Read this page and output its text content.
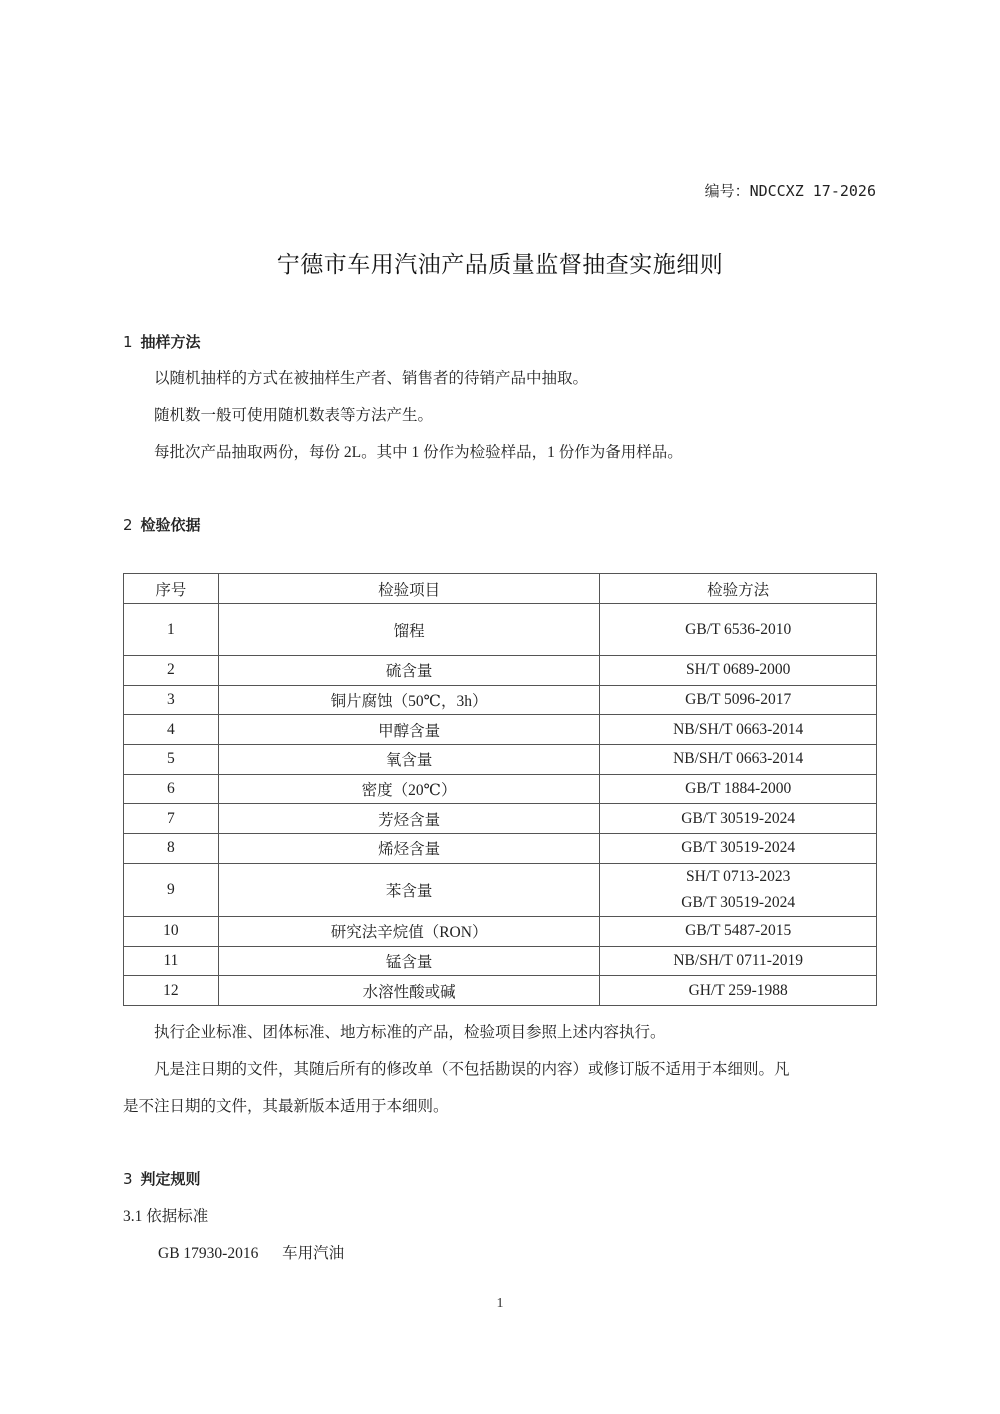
编号：NDCCXZ 17-2026
宁德市车用汽油产品质量监督抽查实施细则
1 抽样方法
以随机抽样的方式在被抽样生产者、销售者的待销产品中抽取。
随机数一般可使用随机数表等方法产生。
每批次产品抽取两份，每份 2L。其中 1 份作为检验样品，1 份作为备用样品。
2 检验依据
序号	检验项目	检验方法
1	馏程	GB/T 6536-2010
2	硫含量	SH/T 0689-2000
3	铜片腐蚀（50℃，3h）	GB/T 5096-2017
4	甲醇含量	NB/SH/T 0663-2014
5	氧含量	NB/SH/T 0663-2014
6	密度（20℃）	GB/T 1884-2000
7	芳烃含量	GB/T 30519-2024
8	烯烃含量	GB/T 30519-2024
9	苯含量	SH/T 0713-2023
GB/T 30519-2024

10	研究法辛烷值（RON）	GB/T 5487-2015
11	锰含量	NB/SH/T 0711-2019
12	水溶性酸或碱	GH/T 259-1988
执行企业标准、团体标准、地方标准的产品，检验项目参照上述内容执行。
凡是注日期的文件，其随后所有的修改单（不包括勘误的内容）或修订版不适用于本细则。凡
是不注日期的文件，其最新版本适用于本细则。
3 判定规则
3.1 依据标准
GB 17930-2016 车用汽油
1
